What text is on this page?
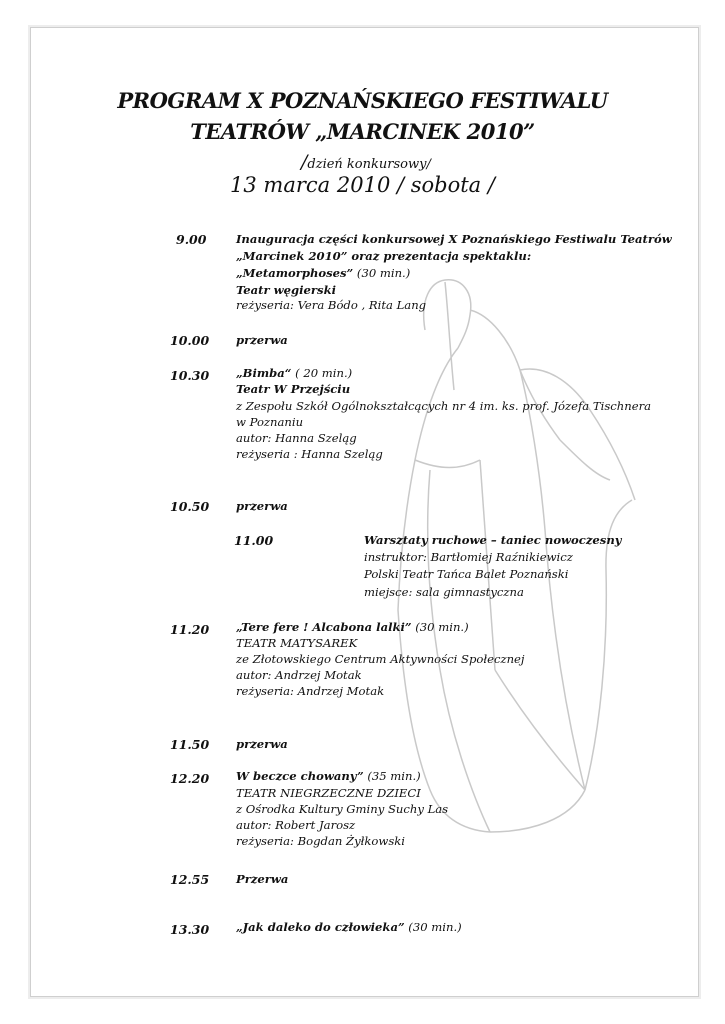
PROGRAM X POZNAŃSKIEGO FESTIWALU
TEATRÓW „MARCINEK 2010”
/dzień konkursowy/
13 marca 2010 / sobota /
9.00	Inauguracja części konkursowej X Poznańskiego Festiwalu Teatrów
„Marcinek 2010” oraz prezentacja spektaklu:
„Metamorphoses” (30 min.)
Teatr węgierski
reżyseria: Vera Bódo , Rita Lang
10.00 przerwa
10.30 „Bimba“ ( 20 min.)
Teatr W Przejściu
z Zespołu Szkół Ogólnokształcących nr 4 im. ks. prof. Józefa Tischnera
w Poznaniu
autor: Hanna Szeląg
reżyseria : Hanna Szeląg
10.50 przerwa
11.00	Warsztaty ruchowe – taniec nowoczesny
instruktor: Bartłomiej Raźnikiewicz
Polski Teatr Tańca Balet Poznański
miejsce: sala gimnastyczna
11.20 „Tere fere ! Alcabona lalki” (30 min.)
TEATR MATYSAREK
ze Złotowskiego Centrum Aktywności Społecznej
autor: Andrzej Motak
reżyseria: Andrzej Motak
11.50 przerwa
12.20 W beczce chowany” (35 min.)
TEATR NIEGRZECZNE DZIECI
z Ośrodka Kultury Gminy Suchy Las
autor: Robert Jarosz
reżyseria: Bogdan Żyłkowski
12.55 Przerwa
13.30 „Jak daleko do człowieka” (30 min.)
